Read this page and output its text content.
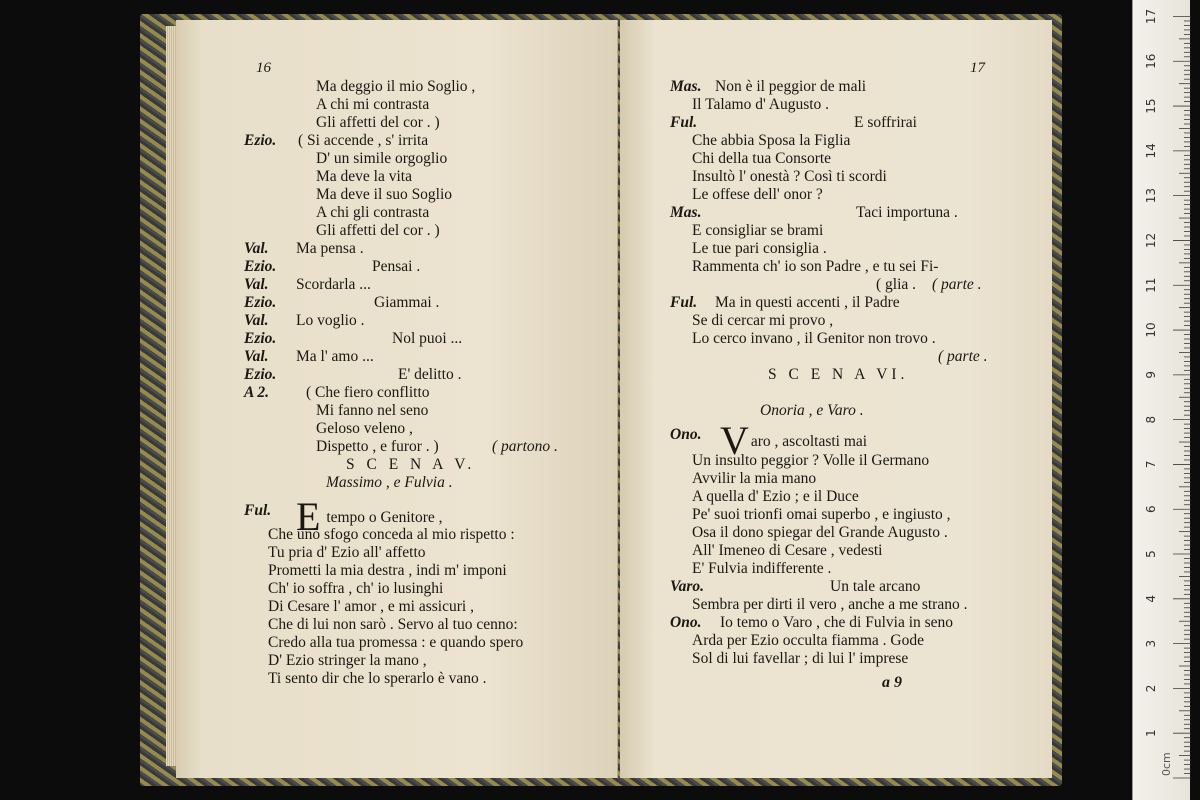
16
Ma deggio il mio Soglio ,
A chi mi contrasta
Gli affetti del cor . )
Ezio. ( Si accende , s' irrita
D' un simile orgoglio
Ma deve la vita
Ma deve il suo Soglio
A chi gli contrasta
Gli affetti del cor . )
Val. Ma pensa .
Ezio.	Pensai .
Val. Scordarla ...
Ezio.	Giammai .
Val. Lo voglio .
Ezio.	Nol puoi ...
Val. Ma l' amo ...
Ezio.	E' delitto .
A 2. ( Che fiero conflitto
Mi fanno nel seno
Geloso veleno ,
Dispetto , e furor . )	( partono .
S C E N A V.
Massimo , e Fulvia .
Ful. E tempo o Genitore ,
Che uno sfogo conceda al mio rispetto :
Tu pria d' Ezio all' affetto
Prometti la mia destra , indi m' imponi
Ch' io soffra , ch' io lusinghi
Di Cesare l' amor , e mi assicuri ,
Che di lui non sarò . Servo al tuo cenno:
Credo alla tua promessa : e quando spero
D' Ezio stringer la mano ,
Ti sento dir che lo sperarlo è vano .
17
Mas. Non è il peggior de mali
Il Talamo d' Augusto .
Ful.	E soffrirai
Che abbia Sposa la Figlia
Chi della tua Consorte
Insultò l' onestà ? Così ti scordi
Le offese dell' onor ?
Mas.	Taci importuna .
E consigliar se brami
Le tue pari consiglia .
Rammenta ch' io son Padre , e tu sei Fi-
( glia . ( parte .
Ful. Ma in questi accenti , il Padre
Se di cercar mi provo ,
Lo cerco invano , il Genitor non trovo .
( parte .
S C E N A VI.
Onoria , e Varo .
Ono. Varo , ascoltasti mai
Un insulto peggior ? Volle il Germano
Avvilir la mia mano
A quella d' Ezio ; e il Duce
Pe' suoi trionfi omai superbo , e ingiusto ,
Osa il dono spiegar del Grande Augusto .
All' Imeneo di Cesare , vedesti
E' Fulvia indifferente .
Varo.	Un tale arcano
Sembra per dirti il vero , anche a me strano .
Ono. Io temo o Varo , che di Fulvia in seno
Arda per Ezio occulta fiamma . Gode
Sol di lui favellar ; di lui l' imprese
a 9
17
16
15
14
13
12
11
10
9
8
7
6
5
4
3
2
1
0cm
